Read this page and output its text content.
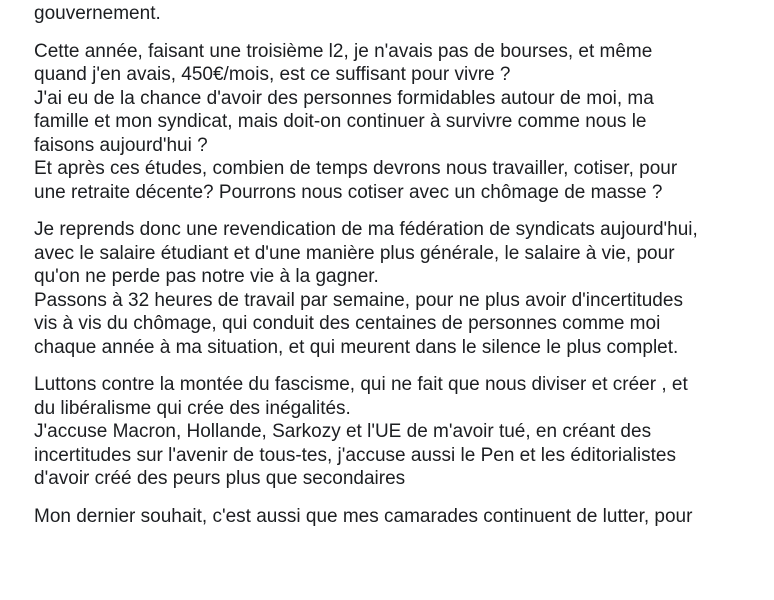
gouvernement.

Cette année, faisant une troisième l2, je n'avais pas de bourses, et même
quand j'en avais, 450€/mois, est ce suffisant pour vivre ?
J'ai eu de la chance d'avoir des personnes formidables autour de moi, ma
famille et mon syndicat, mais doit-on continuer à survivre comme nous le
faisons aujourd'hui ?
Et après ces études, combien de temps devrons nous travailler, cotiser, pour
une retraite décente? Pourrons nous cotiser avec un chômage de masse ?

Je reprends donc une revendication de ma fédération de syndicats aujourd'hui,
avec le salaire étudiant et d'une manière plus générale, le salaire à vie, pour
qu'on ne perde pas notre vie à la gagner.
Passons à 32 heures de travail par semaine, pour ne plus avoir d'incertitudes
vis à vis du chômage, qui conduit des centaines de personnes comme moi
chaque année à ma situation, et qui meurent dans le silence le plus complet.

Luttons contre la montée du fascisme, qui ne fait que nous diviser et créer , et
du libéralisme qui crée des inégalités.
J'accuse Macron, Hollande, Sarkozy et l'UE de m'avoir tué, en créant des
incertitudes sur l'avenir de tous-tes, j'accuse aussi le Pen et les éditorialistes
d'avoir créé des peurs plus que secondaires

Mon dernier souhait, c'est aussi que mes camarades continuent de lutter, pour
